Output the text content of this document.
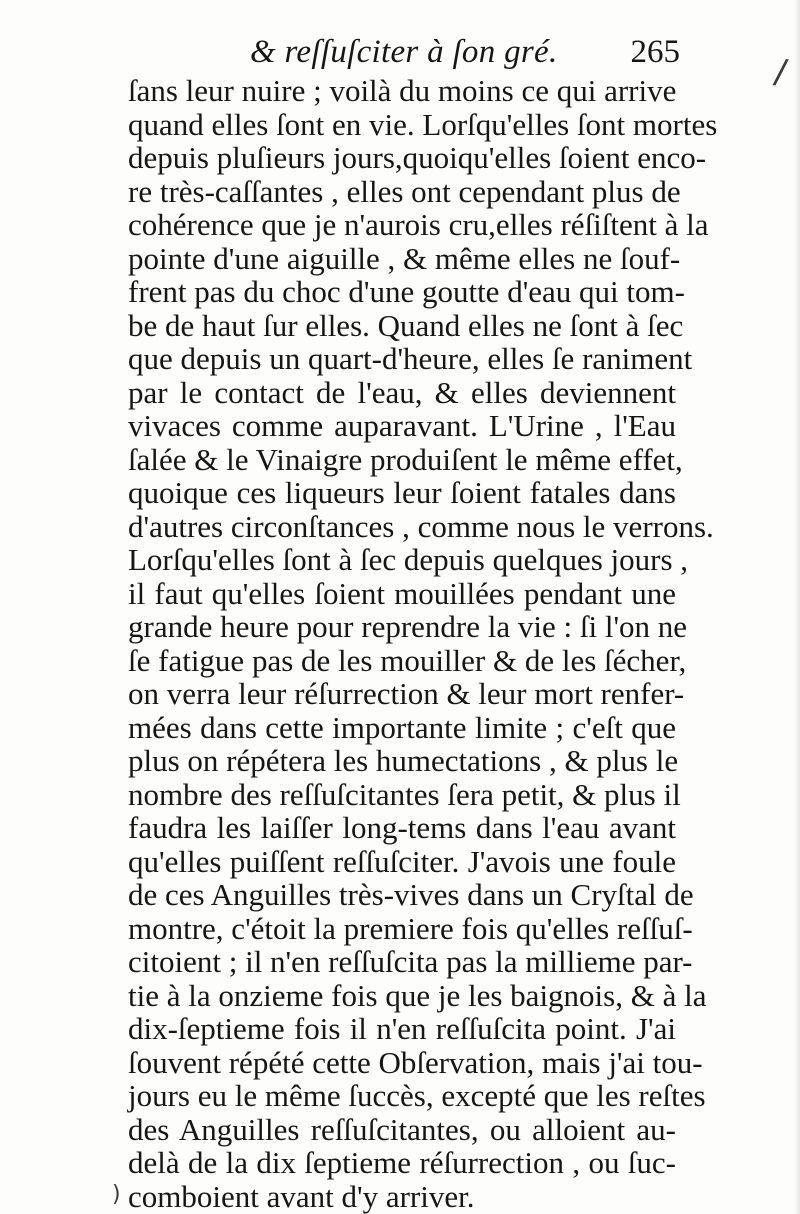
& reſſuſciter à ſon gré. 265
ſans leur nuire ; voilà du moins ce qui arrive
quand elles ſont en vie. Lorſqu'elles ſont mortes
depuis pluſieurs jours,quoiqu'elles ſoient enco-
re très-caſſantes , elles ont cependant plus de
cohérence que je n'aurois cru,elles réſiſtent à la
pointe d'une aiguille , & même elles ne ſouf-
frent pas du choc d'une goutte d'eau qui tom-
be de haut ſur elles. Quand elles ne ſont à ſec
que depuis un quart-d'heure, elles ſe raniment
par le contact de l'eau, & elles deviennent
vivaces comme auparavant. L'Urine , l'Eau
ſalée & le Vinaigre produiſent le même effet,
quoique ces liqueurs leur ſoient fatales dans
d'autres circonſtances , comme nous le verrons.
Lorſqu'elles ſont à ſec depuis quelques jours ,
il faut qu'elles ſoient mouillées pendant une
grande heure pour reprendre la vie : ſi l'on ne
ſe fatigue pas de les mouiller & de les ſécher,
on verra leur réſurrection & leur mort renfer-
mées dans cette importante limite ; c'eſt que
plus on répétera les humectations , & plus le
nombre des reſſuſcitantes ſera petit, & plus il
faudra les laiſſer long-tems dans l'eau avant
qu'elles puiſſent reſſuſciter. J'avois une foule
de ces Anguilles très-vives dans un Cryſtal de
montre, c'étoit la premiere fois qu'elles reſſuſ-
citoient ; il n'en reſſuſcita pas la millieme par-
tie à la onzieme fois que je les baignois, & à la
dix-ſeptieme fois il n'en reſſuſcita point. J'ai
ſouvent répété cette Obſervation, mais j'ai tou-
jours eu le même ſuccès, excepté que les reſtes
des Anguilles reſſuſcitantes, ou alloient au-
delà de la dix ſeptieme réſurrection , ou ſuc-
comboient avant d'y arriver.
/
)
